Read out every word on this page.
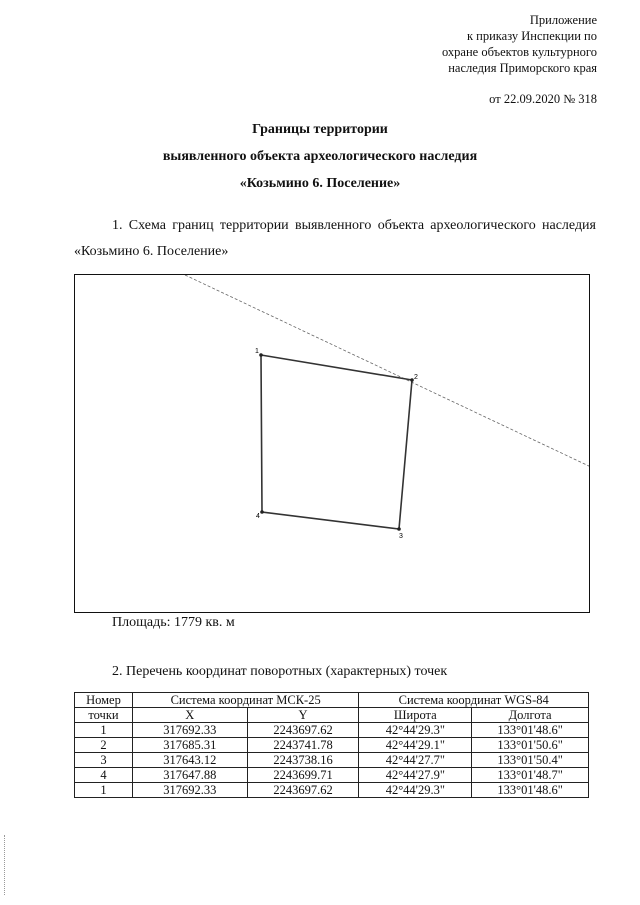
Приложение
к приказу Инспекции по
охране объектов культурного
наследия Приморского края
от 22.09.2020 № 318
Границы территории
выявленного объекта археологического наследия
«Козьмино 6. Поселение»
1. Схема границ территории выявленного объекта археологического наследия «Козьмино 6. Поселение»
1
2
3
4
Площадь: 1779 кв. м
2. Перечень координат поворотных (характерных) точек
Номер	Система координат МСК-25		Система координат WGS-84	
точки	X	Y	Широта	Долгота
1	317692.33	2243697.62	42°44'29.3"	133°01'48.6"
2	317685.31	2243741.78	42°44'29.1"	133°01'50.6"
3	317643.12	2243738.16	42°44'27.7"	133°01'50.4"
4	317647.88	2243699.71	42°44'27.9"	133°01'48.7"
1	317692.33	2243697.62	42°44'29.3"	133°01'48.6"
